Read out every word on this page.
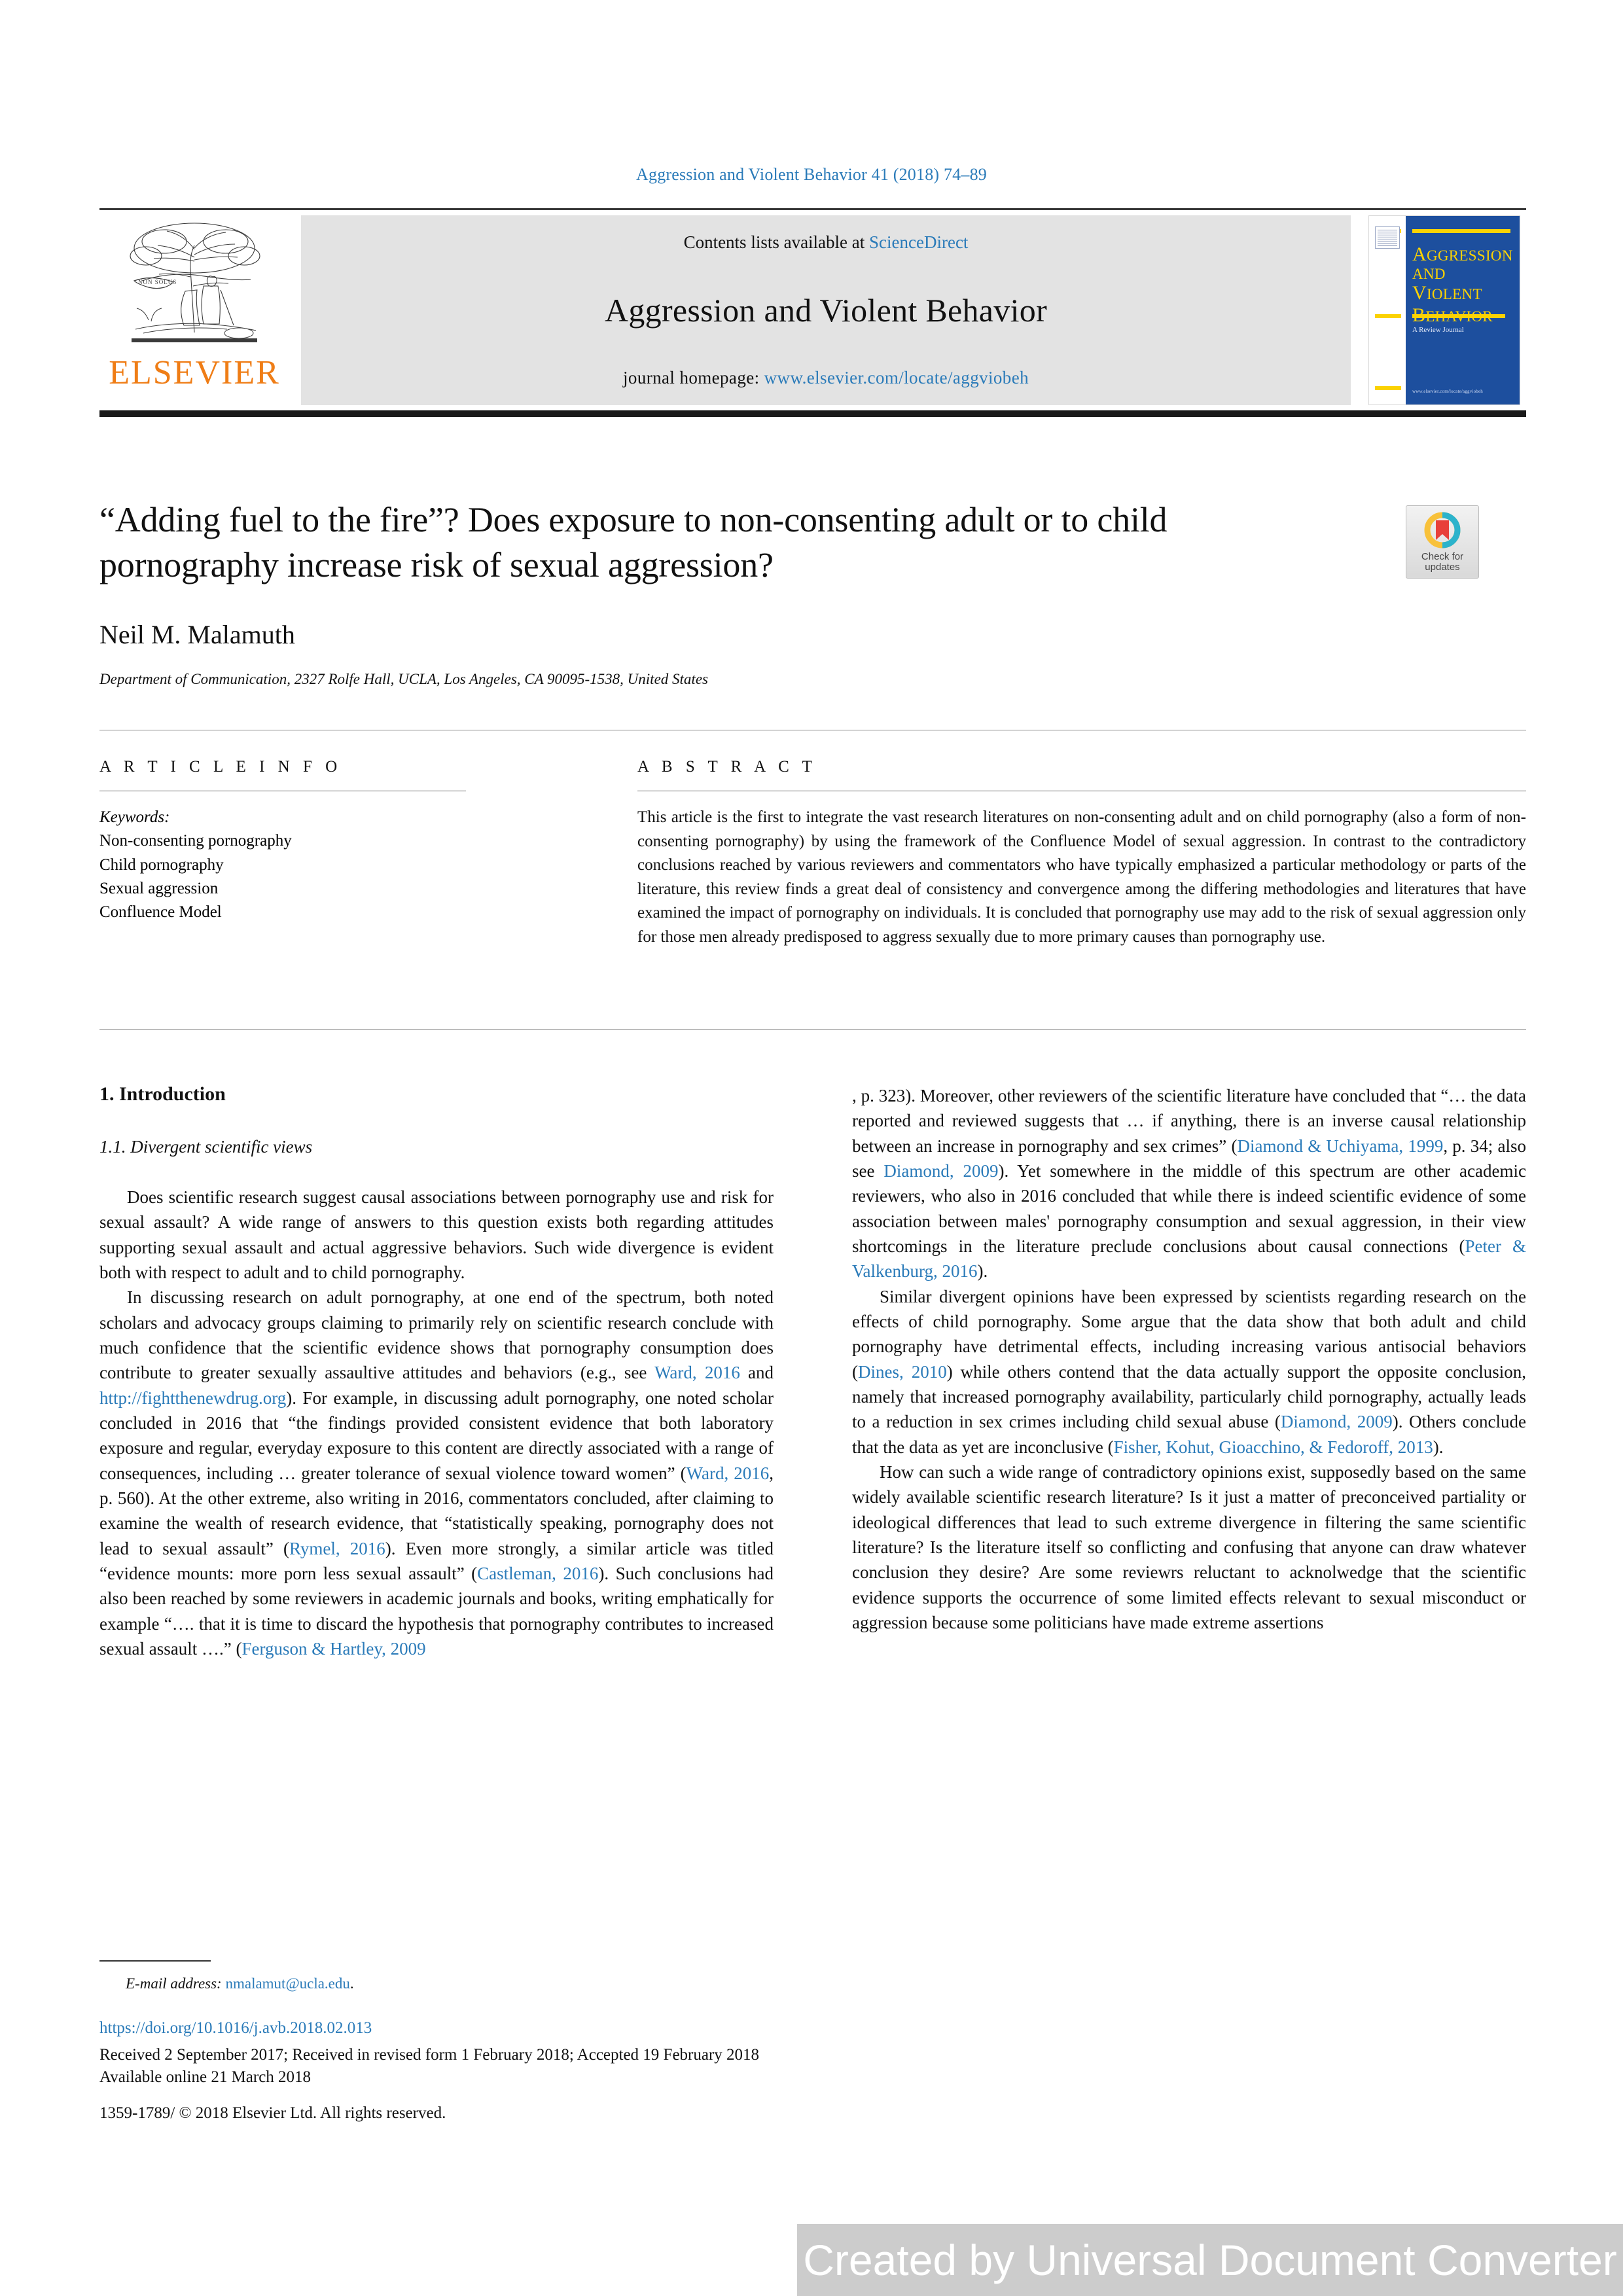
Aggression and Violent Behavior 41 (2018) 74–89
NON SOLUS
ELSEVIER
Contents lists available at ScienceDirect
Aggression and Violent Behavior
journal homepage: www.elsevier.com/locate/aggviobeh
AGGRESSION
AND
VIOLENT
BEHAVIOR
A Review Journal
www.elsevier.com/locate/aggviobeh
“Adding fuel to the fire”? Does exposure to non-consenting adult or to child pornography increase risk of sexual aggression?	Check for
updates
Neil M. Malamuth
Department of Communication, 2327 Rolfe Hall, UCLA, Los Angeles, CA 90095-1538, United States
A R T I C L E I N F O
Keywords:
Non-consenting pornography
Child pornography
Sexual aggression
Confluence Model
A B S T R A C T
This article is the first to integrate the vast research literatures on non-consenting adult and on child pornography (also a form of non-consenting pornography) by using the framework of the Confluence Model of sexual aggression. In contrast to the contradictory conclusions reached by various reviewers and commentators who have typically emphasized a particular methodology or parts of the literature, this review finds a great deal of consistency and convergence among the differing methodologies and literatures that have examined the impact of pornography on individuals. It is concluded that pornography use may add to the risk of sexual aggression only for those men already predisposed to aggress sexually due to more primary causes than pornography use.
1. Introduction
1.1. Divergent scientific views

Does scientific research suggest causal associations between pornography use and risk for sexual assault? A wide range of answers to this question exists both regarding attitudes supporting sexual assault and actual aggressive behaviors. Such wide divergence is evident both with respect to adult and to child pornography.

In discussing research on adult pornography, at one end of the spectrum, both noted scholars and advocacy groups claiming to primarily rely on scientific research conclude with much confidence that the scientific evidence shows that pornography consumption does contribute to greater sexually assaultive attitudes and behaviors (e.g., see Ward, 2016 and http://fightthenewdrug.org). For example, in discussing adult pornography, one noted scholar concluded in 2016 that “the findings provided consistent evidence that both laboratory exposure and regular, everyday exposure to this content are directly associated with a range of consequences, including … greater tolerance of sexual violence toward women” (Ward, 2016, p. 560). At the other extreme, also writing in 2016, commentators concluded, after claiming to examine the wealth of research evidence, that “statistically speaking, pornography does not lead to sexual assault” (Rymel, 2016). Even more strongly, a similar article was titled “evidence mounts: more porn less sexual assault” (Castleman, 2016). Such conclusions had also been reached by some reviewers in academic journals and books, writing emphatically for example “…. that it is time to discard the hypothesis that pornography contributes to increased sexual assault ….” (Ferguson & Hartley, 2009

, p. 323). Moreover, other reviewers of the scientific literature have concluded that “… the data reported and reviewed suggests that … if anything, there is an inverse causal relationship between an increase in pornography and sex crimes” (Diamond & Uchiyama, 1999, p. 34; also see Diamond, 2009). Yet somewhere in the middle of this spectrum are other academic reviewers, who also in 2016 concluded that while there is indeed scientific evidence of some association between males' pornography consumption and sexual aggression, in their view shortcomings in the literature preclude conclusions about causal connections (Peter & Valkenburg, 2016).

Similar divergent opinions have been expressed by scientists regarding research on the effects of child pornography. Some argue that the data show that both adult and child pornography have detrimental effects, including increasing various antisocial behaviors (Dines, 2010) while others contend that the data actually support the opposite conclusion, namely that increased pornography availability, particularly child pornography, actually leads to a reduction in sex crimes including child sexual abuse (Diamond, 2009). Others conclude that the data as yet are inconclusive (Fisher, Kohut, Gioacchino, & Fedoroff, 2013).

How can such a wide range of contradictory opinions exist, supposedly based on the same widely available scientific research literature? Is it just a matter of preconceived partiality or ideological differences that lead to such extreme divergence in filtering the same scientific literature? Is the literature itself so conflicting and confusing that anyone can draw whatever conclusion they desire? Are some reviewrs reluctant to acknolwedge that the scientific evidence supports the occurrence of some limited effects relevant to sexual misconduct or aggression because some politicians have made extreme assertions

E-mail address: nmalamut@ucla.edu.
https://doi.org/10.1016/j.avb.2018.02.013
Received 2 September 2017; Received in revised form 1 February 2018; Accepted 19 February 2018
Available online 21 March 2018
1359-1789/ © 2018 Elsevier Ltd. All rights reserved.
Created by Universal Document Converter
